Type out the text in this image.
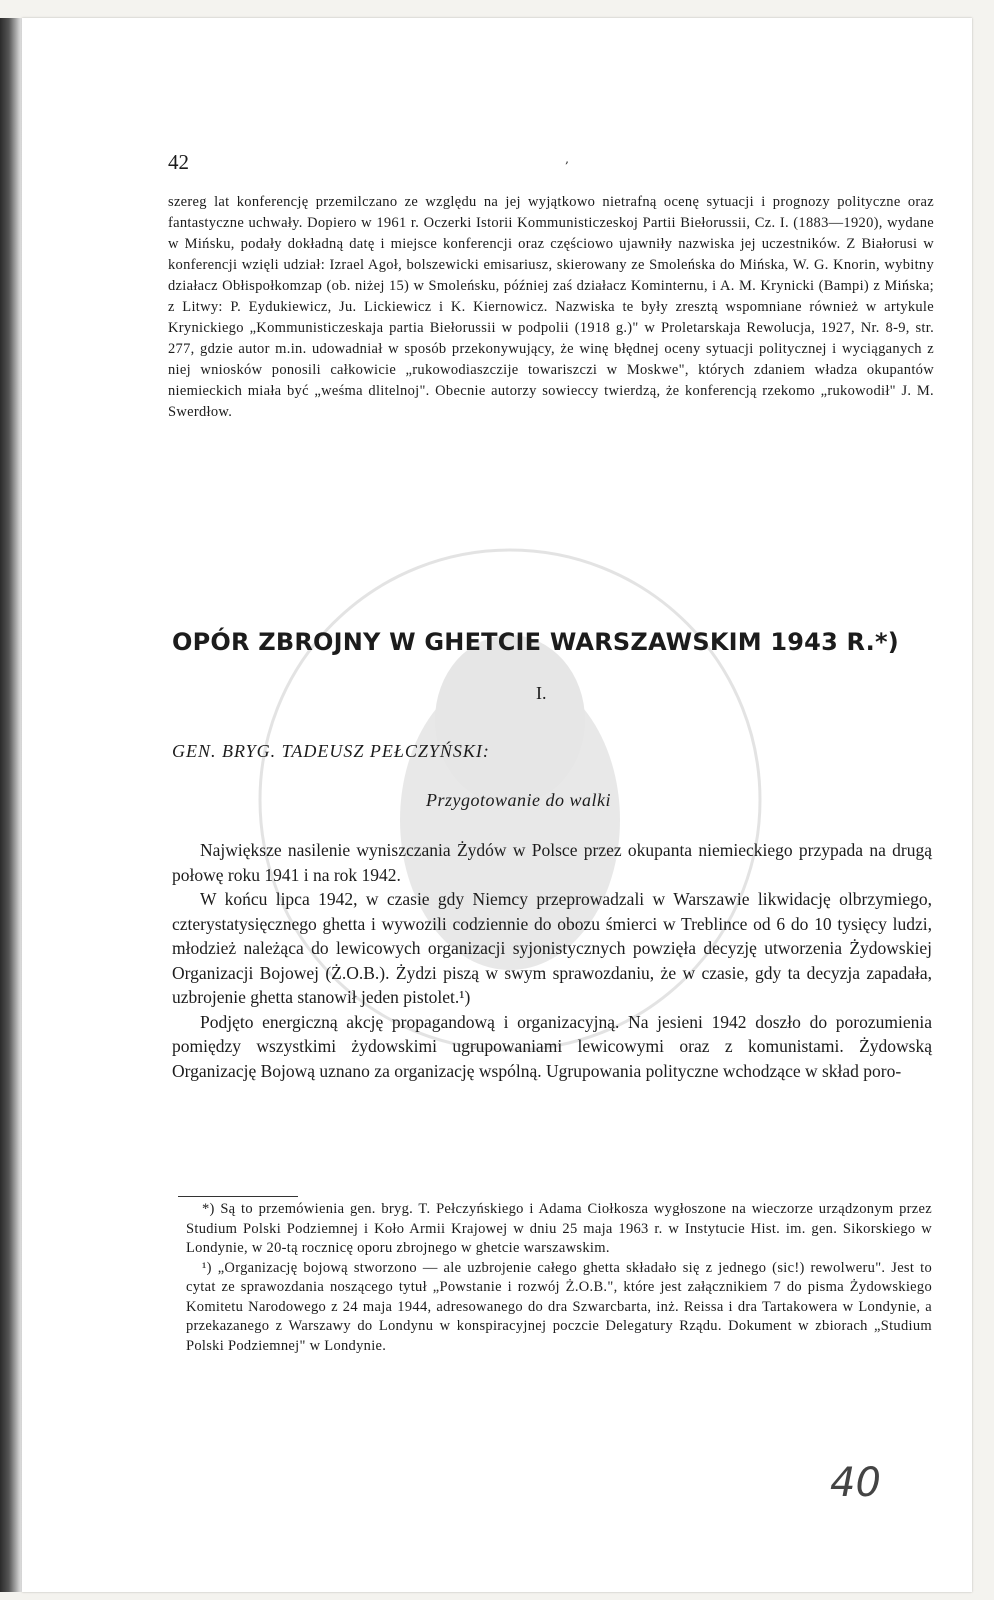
42	‚

szereg lat konferencję przemilczano ze względu na jej wyjątkowo nietrafną ocenę sytuacji i prognozy polityczne oraz fantastyczne uchwały. Dopiero w 1961 r. Oczerki Istorii Kommunisticzeskoj Partii Biełorussii, Cz. I. (1883—1920), wydane w Mińsku, podały dokładną datę i miejsce konferencji oraz częściowo ujawniły nazwiska jej uczestników. Z Białorusi w konferencji wzięli udział: Izrael Agoł, bolszewicki emisariusz, skierowany ze Smoleńska do Mińska, W. G. Knorin, wybitny działacz Obłispołkomzap (ob. niżej 15) w Smoleńsku, później zaś działacz Kominternu, i A. M. Krynicki (Bampi) z Mińska; z Litwy: P. Eydukiewicz, Ju. Lickiewicz i K. Kiernowicz. Nazwiska te były zresztą wspomniane również w artykule Krynickiego „Kommunisticzeskaja partia Biełorussii w podpolii (1918 g.)" w Proletarskaja Rewolucja, 1927, Nr. 8-9, str. 277, gdzie autor m.in. udowadniał w sposób przekonywujący, że winę błędnej oceny sytuacji politycznej i wyciąganych z niej wniosków ponosili całkowicie „rukowodiaszczije towariszczi w Moskwe", których zdaniem władza okupantów niemieckich miała być „weśma dlitelnoj". Obecnie autorzy sowieccy twierdzą, że konferencją rzekomo „rukowodił" J. M. Swerdłow.

OPÓR ZBROJNY W GHETCIE WARSZAWSKIM 1943 R.*)
I.
GEN. BRYG. TADEUSZ PEŁCZYŃSKI:
Przygotowanie do walki

Największe nasilenie wyniszczania Żydów w Polsce przez okupanta niemieckiego przypada na drugą połowę roku 1941 i na rok 1942.

W końcu lipca 1942, w czasie gdy Niemcy przeprowadzali w Warszawie likwidację olbrzymiego, czterystatysięcznego ghetta i wywozili codziennie do obozu śmierci w Treblince od 6 do 10 tysięcy ludzi, młodzież należąca do lewicowych organizacji syjonistycznych powzięła decyzję utworzenia Żydowskiej Organizacji Bojowej (Ż.O.B.). Żydzi piszą w swym sprawozdaniu, że w czasie, gdy ta decyzja zapadała, uzbrojenie ghetta stanowił jeden pistolet.¹)

Podjęto energiczną akcję propagandową i organizacyjną. Na jesieni 1942 doszło do porozumienia pomiędzy wszystkimi żydowskimi ugrupowaniami lewicowymi oraz z komunistami. Żydowską Organizację Bojową uznano za organizację wspólną. Ugrupowania polityczne wchodzące w skład poro-

*) Są to przemówienia gen. bryg. T. Pełczyńskiego i Adama Ciołkosza wygłoszone na wieczorze urządzonym przez Studium Polski Podziemnej i Koło Armii Krajowej w dniu 25 maja 1963 r. w Instytucie Hist. im. gen. Sikorskiego w Londynie, w 20-tą rocznicę oporu zbrojnego w ghetcie warszawskim.

¹) „Organizację bojową stworzono — ale uzbrojenie całego ghetta składało się z jednego (sic!) rewolweru". Jest to cytat ze sprawozdania noszącego tytuł „Powstanie i rozwój Ż.O.B.", które jest załącznikiem 7 do pisma Żydowskiego Komitetu Narodowego z 24 maja 1944, adresowanego do dra Szwarcbarta, inż. Reissa i dra Tartakowera w Londynie, a przekazanego z Warszawy do Londynu w konspiracyjnej poczcie Delegatury Rządu. Dokument w zbiorach „Studium Polski Podziemnej" w Londynie.

40
